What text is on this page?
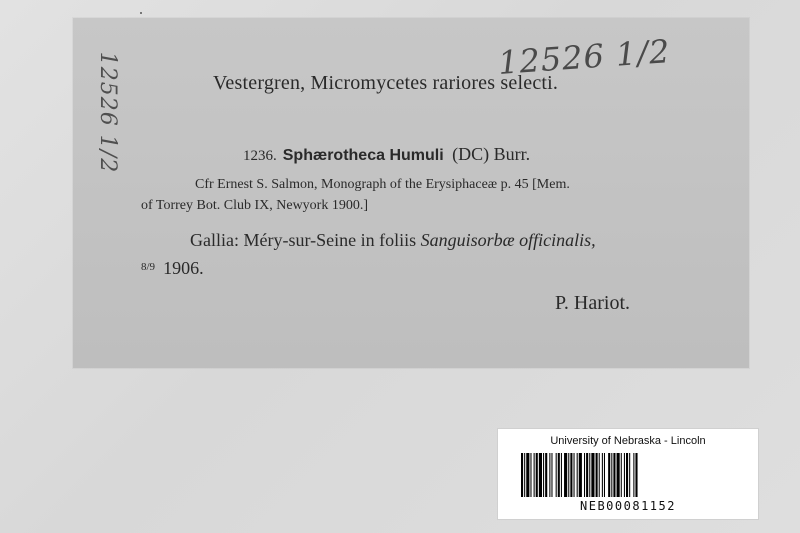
12526 1/2
Vestergren, Micromycetes rariores selecti.
1236. Sphærotheca Humuli (DC) Burr.
Cfr Ernest S. Salmon, Monograph of the Erysiphaceæ p. 45 [Mem.
of Torrey Bot. Club IX, Newyork 1900.]
Gallia: Méry-sur-Seine in foliis Sanguisorbæ officinalis,
$^{8/9}$ 1906.
P. Hariot.
12526 1/2
University of Nebraska - Lincoln
NEB00081152
